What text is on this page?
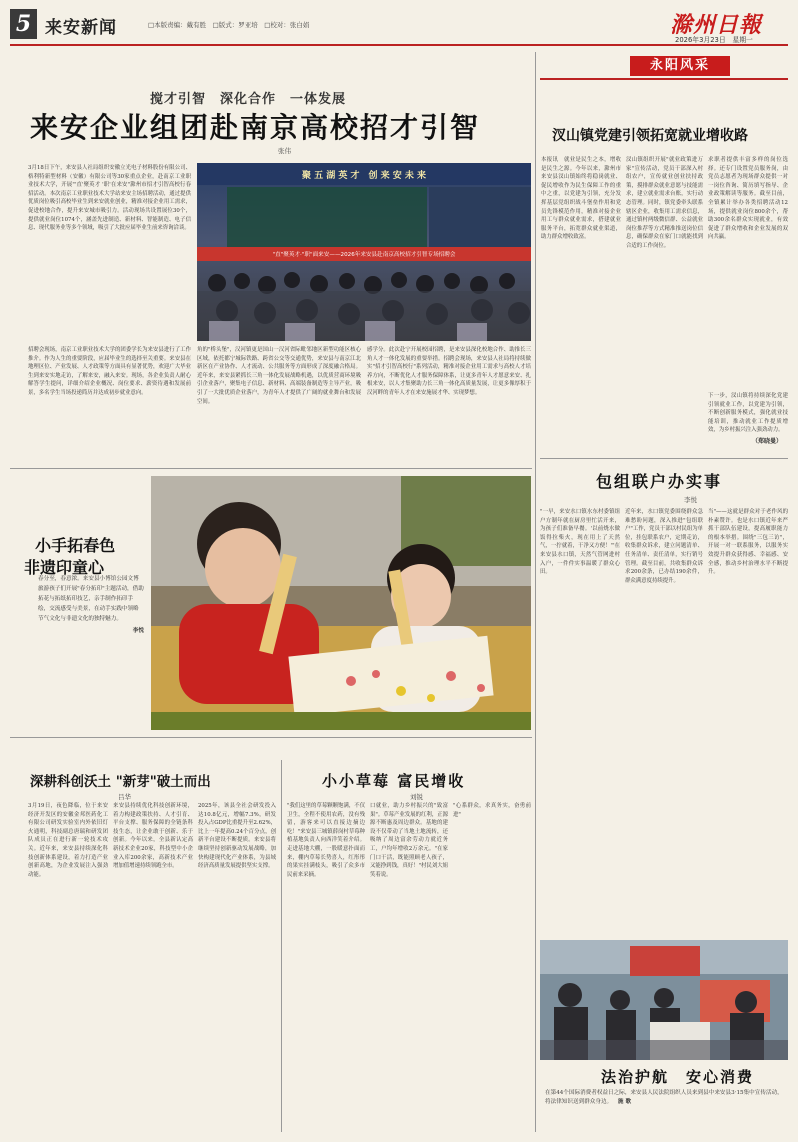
5 来安新闻	□本版责编：戴有胜　□版式：罗亚培　□校对：张白娟	滁州日報
2026年3月23日　星期一
搅才引智　深化合作　一体发展
来安企业组团赴南京高校招才引智
张伟
聚 五 湖 英 才　创 来 安 未 来
"直"聚英才·"职"面来安——2026年来安县赴南京高校招才引智专场招聘会
3月18日下午，来安县人社局组织安徽立光电子材料股份有限公司、格利特新型材料（安徽）有限公司等30家重点企业，赴南京工业职业技术大学，开展"'直'聚英才 '职'在来安"滁州市招才引智高校行春招活动。本次南京工业职业技术大学站来安主场招聘活动，通过提供优质岗位吸引高校毕业生到来安就业创业，精准对接企业用工需求，促进校地合作，提升来安城市吸引力。活动现场共设置展位30个，提供就业岗位1074个，涵盖先进制造、新材料、智能制造、电子信息、现代服务业等多个领域，吸引了大批应届毕业生前来咨询洽谈。
招聘会现场，南京工业职业技术大学的团委学长为来安县进行了工作推介。作为人生的重要阶段，应届毕业生的选择至关重要。来安县在地理区位、产业发展、人才政策等方面具有显著优势，欢迎广大毕业生到来安实地走访，了解来安，融入来安。现场，各企业负责人耐心解答学生提问，详细介绍企业概况、岗位要求、薪资待遇和发展前景，多名学生当场投递简历并达成初步就业意向。
角的"桥头堡"，汉河镇更是国山一汉河省际毗邻地区新型功能区核心区域，依托都宁城际铁路、跨省公交等交通优势，来安县与南京江北新区在产业协作、人才流动、公共服务等方面形成了深度融合格局。近年来，来安县紧抓长三角一体化发展战略机遇，以优质营商环境吸引企业落户，聚集电子信息、新材料、高端装备制造等主导产业，吸引了一大批优质企业落户，为青年人才提供了广阔的就业舞台和发展空间。
感学分。此次赴宁开展校园招聘，是来安县深化校地合作、助推长三角人才一体化发展的重要举措。招聘会现场，来安县人社局将持续做实"招才引智高校行"系列活动，精准对接企业用工需求与高校人才培养方向，不断优化人才服务保障体系，让更多青年人才愿意来安、扎根来安，以人才集聚助力长三角一体化高质量发展，让更多像厚积于汉河畔的青年人才在来安施展才华、实现梦想。
永阳风采
汊山镇党建引领拓宽就业增收路
本报讯　就业是民生之本，增收是民生之源。今年以来，滁州市来安县汊山镇始终将稳岗就业、促民增收作为民生保障工作的重中之重，以党建为引领，充分发挥基层党组织战斗堡垒作用和党员先锋模范作用，精准对接企业用工与群众就业需求，搭建就业服务平台，拓宽群众就业渠道，助力群众增收致富。
汊山镇组织开展"就业政策进万家"宣传活动，党员干部深入村组农户，宣传就业创业扶持政策，摸排群众就业意愿与技能需求，建立就业需求台账，实行动态管理。同时，镇党委牵头联系辖区企业，收集用工需求信息，通过镇村两级微信群、公益就业岗位推荐等方式精准推送岗位信息，确保群众在家门口就能找到合适的工作岗位。
求职者提供丰富多样的岗位选择。还专门设置党员服务岗，由党员志愿者为现场群众提供一对一岗位咨询、简历填写指导、企业政策解读等服务。截至目前，全镇累计举办各类招聘活动12场，提供就业岗位800余个，帮助300余名群众实现就业，有效促进了群众增收和企业发展的双向共赢。
下一步，汊山镇将持续深化党建引领就业工作，以党建为引领，不断创新服务模式，强化就业技能培训，推动就业工作提质增效，为乡村振兴注入强劲动力。
（郑晓曼）
包组联户办实事
李悦
"一早，来安水口镇水东村委镇组户方制年就在厨房里忙活开来，为孩子们准备早餐。'以前烧水做饭得拉柴火，现在用上了天然气，一拧就着，干净又方便！'"在来安县水口镇，天然气管网进村入户，一件件实事温暖了群众心田。
近年来，水口镇党委围绕群众急难愁盼问题，深入推进"包组联户"工作，党员干部以村民组为单位，挂包联系农户，定期走访，收集群众诉求，建立问题清单、任务清单、责任清单，实行销号管理。截至目前，共收集群众诉求200余条，已办结190余件，群众满意度持续提升。
当"——这就是群众对于老作风的朴素赞许。也是水口镇近年来严抓干部队伍建设，提高履职能力的根本举措。围绕"三包三访"，开展一对一联系服务，以服务实效提升群众获得感、幸福感、安全感，推动乡村治理水平不断提升。
法治护航　安心消费
在第44个国际消费者权益日之际，来安县人民法院组织人员来到县中来安县3·15集中宣传活动，将法律知识送到群众身边。 施 歌

小手拓春色
非遗印童心

春分至，春意浓。来安县小博馆公园文博旅游孩子们开展"春分拓印"主题活动，借助拓花与拓纸拓印技艺，亲手制作拓印手绘，交流感受与美景，在动手实践中领略节气文化与非遗文化的独特魅力。
李悦
深耕科创沃土 "新芽"破土而出
吕华
3月19日，夜色降临，位于来安经济开发区的安徽金邦医药化工有限公司研发实验室内外依旧灯火通明，科技副总唐瑞和研发团队成员正在进行新一轮技术攻关。近年来，来安县持续深化科技创新体系建设，着力打造产业创新高地，为企业发展注入强劲动能。
来安县持续优化科技创新环境，着力构建政策扶持、人才引育、平台支撑、服务保障的全链条科技生态，让企业敢于创新、乐于创新。今年以来，全县新认定高新技术企业20家，科技型中小企业入库200余家，高新技术产业增加值增速持续领跑全市。
2025年，该县全社会研发投入达10.8亿元，增幅7.3%，研发投入占GDP比重提升至2.62%，比上一年提高0.24个百分点，创新平台建设不断提质。来安县将继续坚持创新驱动发展战略，加快构建现代化产业体系，为县域经济高质量发展提供坚实支撑。
小小草莓 富民增收
刘锐
"我们这里的草莓颗颗饱满，不仅卫生，全程不使用农药，没有残留，游客来可以直接边摘边吃！"来安县三城镇薛岗村草莓种植基地负责人向西洋笑着介绍。走进基地大棚，一股暖意扑面而来，棚内草莓长势喜人，红彤彤的果实挂满枝头，吸引了众多市民前来采摘。
口就业，助力乡村振兴的"致富果"。草莓产业发展的红利，正源源不断惠及周边群众。基地的建设不仅带动了当地土地流转，还吸纳了周边富余劳动力就近务工，户均年增收2万余元。"在家门口干活，既能照顾老人孩子，又能挣到钱，真好！"村民刘大姐笑着说。
"心系群众，求真务实，奋勇前进"
